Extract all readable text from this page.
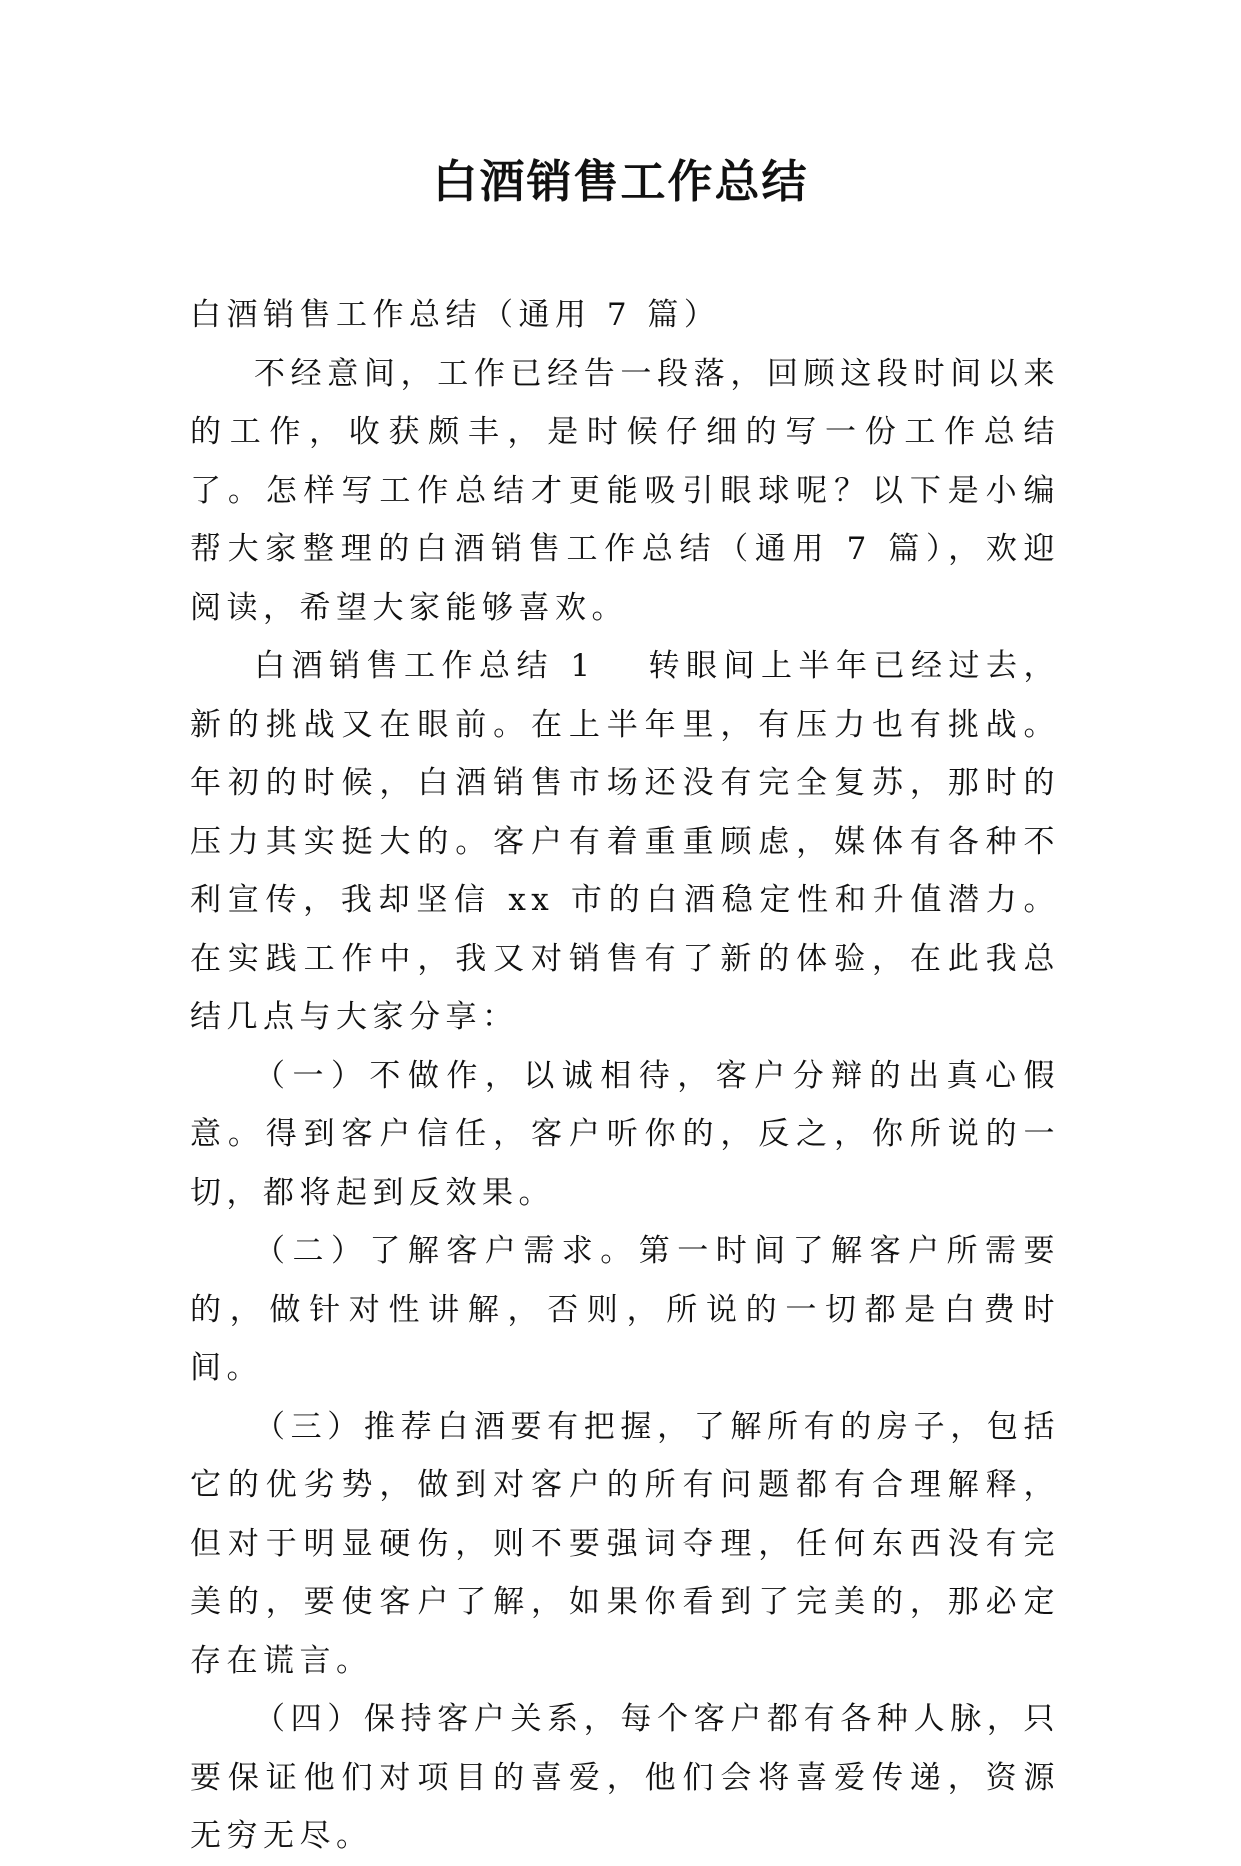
白酒销售工作总结

白酒销售工作总结（通用 7 篇）

不经意间，工作已经告一段落，回顾这段时间以来的工作，收获颇丰，是时候仔细的写一份工作总结了。怎样写工作总结才更能吸引眼球呢？以下是小编帮大家整理的白酒销售工作总结（通用 7 篇），欢迎阅读，希望大家能够喜欢。

白酒销售工作总结 1 转眼间上半年已经过去，新的挑战又在眼前。在上半年里，有压力也有挑战。年初的时候，白酒销售市场还没有完全复苏，那时的压力其实挺大的。客户有着重重顾虑，媒体有各种不利宣传，我却坚信 xx 市的白酒稳定性和升值潜力。在实践工作中，我又对销售有了新的体验，在此我总结几点与大家分享：

（一）不做作，以诚相待，客户分辩的出真心假意。得到客户信任，客户听你的，反之，你所说的一切，都将起到反效果。

（二）了解客户需求。第一时间了解客户所需要的，做针对性讲解，否则，所说的一切都是白费时间。

（三）推荐白酒要有把握，了解所有的房子，包括它的优劣势，做到对客户的所有问题都有合理解释，但对于明显硬伤，则不要强词夺理，任何东西没有完美的，要使客户了解，如果你看到了完美的，那必定存在谎言。

（四）保持客户关系，每个客户都有各种人脉，只要保证他们对项目的喜爱，他们会将喜爱传递，资源无穷无尽。
